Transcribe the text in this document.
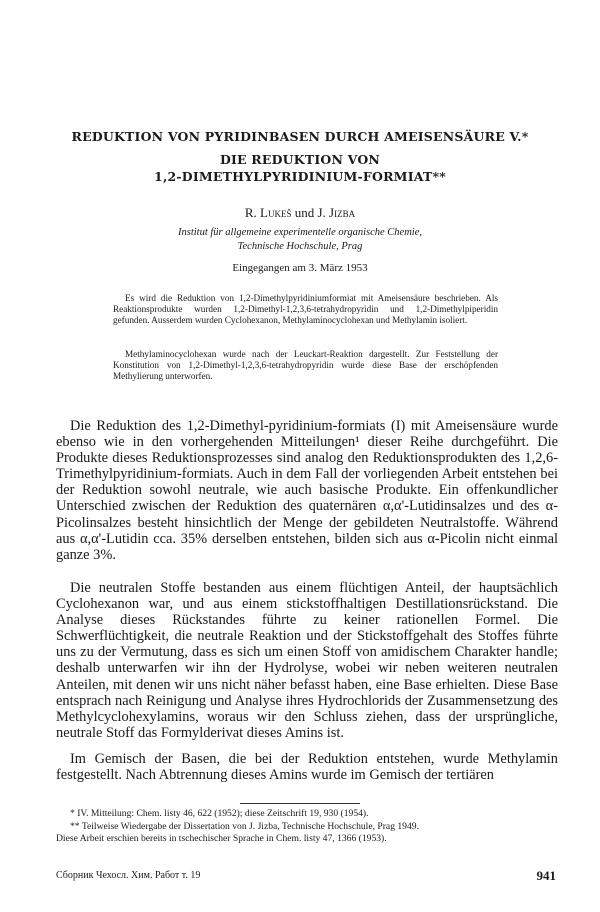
REDUKTION VON PYRIDINBASEN DURCH AMEISENSÄURE V.*
DIE REDUKTION VON
1,2-DIMETHYLPYRIDINIUM-FORMIAT**
R. Lukeš und J. Jizba
Institut für allgemeine experimentelle organische Chemie,
Technische Hochschule, Prag
Eingegangen am 3. März 1953

Es wird die Reduktion von 1,2-Dimethylpyridiniumformiat mit Ameisensäure beschrieben. Als Reaktionsprodukte wurden 1,2-Dimethyl-1,2,3,6-tetrahydropyridin und 1,2-Dimethylpiperidin gefunden. Ausserdem wurden Cyclohexanon, Methylaminocyclohexan und Methylamin isoliert.

Methylaminocyclohexan wurde nach der Leuckart-Reaktion dargestellt. Zur Feststellung der Konstitution von 1,2-Dimethyl-1,2,3,6-tetrahydropyridin wurde diese Base der erschöpfenden Methylierung unterworfen.

Die Reduktion des 1,2-Dimethyl-pyridinium-formiats (I) mit Ameisensäure wurde ebenso wie in den vorhergehenden Mitteilungen¹ dieser Reihe durchgeführt. Die Produkte dieses Reduktionsprozesses sind analog den Reduktionsprodukten des 1,2,6-Trimethylpyridinium-formiats. Auch in dem Fall der vorliegenden Arbeit entstehen bei der Reduktion sowohl neutrale, wie auch basische Produkte. Ein offenkundlicher Unterschied zwischen der Reduktion des quaternären α,α'-Lutidinsalzes und des α-Picolinsalzes besteht hinsichtlich der Menge der gebildeten Neutralstoffe. Während aus α,α'-Lutidin cca. 35% derselben entstehen, bilden sich aus α-Picolin nicht einmal ganze 3%.

Die neutralen Stoffe bestanden aus einem flüchtigen Anteil, der hauptsächlich Cyclohexanon war, und aus einem stickstoffhaltigen Destillationsrückstand. Die Analyse dieses Rückstandes führte zu keiner rationellen Formel. Die Schwerflüchtigkeit, die neutrale Reaktion und der Stickstoffgehalt des Stoffes führte uns zu der Vermutung, dass es sich um einen Stoff von amidischem Charakter handle; deshalb unterwarfen wir ihn der Hydrolyse, wobei wir neben weiteren neutralen Anteilen, mit denen wir uns nicht näher befasst haben, eine Base erhielten. Diese Base entsprach nach Reinigung und Analyse ihres Hydrochlorids der Zusammensetzung des Methylcyclohexylamins, woraus wir den Schluss ziehen, dass der ursprüngliche, neutrale Stoff das Formylderivat dieses Amins ist.

Im Gemisch der Basen, die bei der Reduktion entstehen, wurde Methylamin festgestellt. Nach Abtrennung dieses Amins wurde im Gemisch der tertiären

* IV. Mitteilung: Chem. listy 46, 622 (1952); diese Zeitschrift 19, 930 (1954).

** Teilweise Wiedergabe der Dissertation von J. Jizba, Technische Hochschule, Prag 1949.

Diese Arbeit erschien bereits in tschechischer Sprache in Chem. listy 47, 1366 (1953).

Сборник Чехосл. Хим. Работ т. 19	941
